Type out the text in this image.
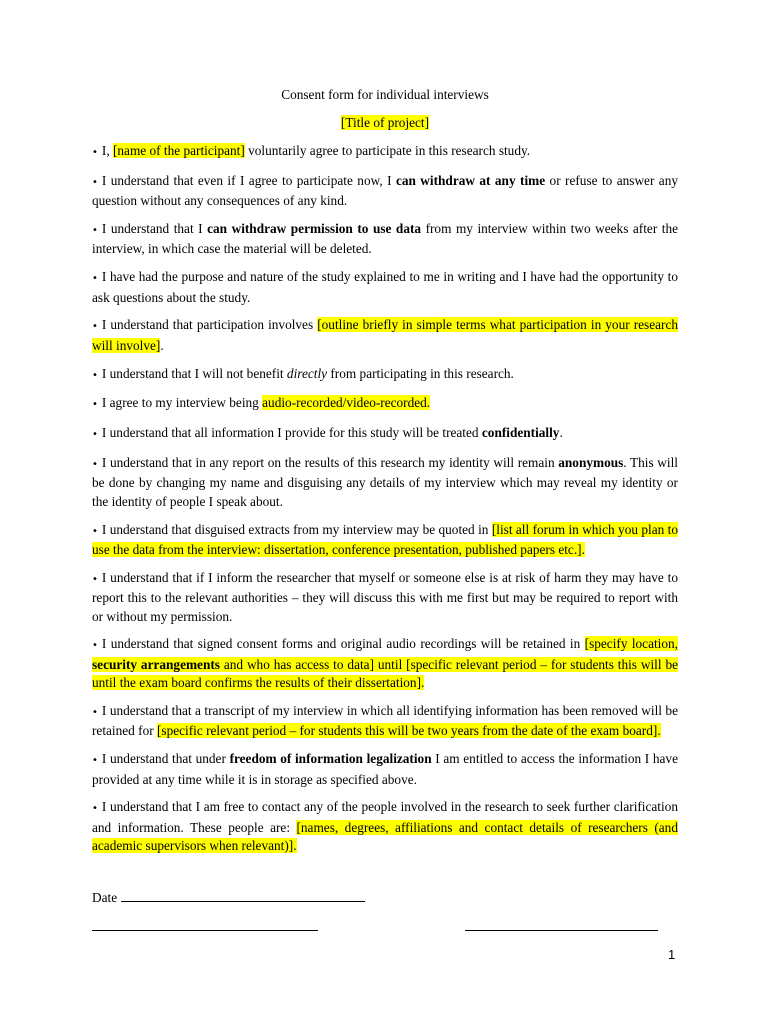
Consent form for individual interviews
[Title of project]
• I, [name of the participant] voluntarily agree to participate in this research study.
• I understand that even if I agree to participate now, I can withdraw at any time or refuse to answer any question without any consequences of any kind.
• I understand that I can withdraw permission to use data from my interview within two weeks after the interview, in which case the material will be deleted.
• I have had the purpose and nature of the study explained to me in writing and I have had the opportunity to ask questions about the study.
• I understand that participation involves [outline briefly in simple terms what participation in your research will involve].
• I understand that I will not benefit directly from participating in this research.
• I agree to my interview being audio-recorded/video-recorded.
• I understand that all information I provide for this study will be treated confidentially.
• I understand that in any report on the results of this research my identity will remain anonymous. This will be done by changing my name and disguising any details of my interview which may reveal my identity or the identity of people I speak about.
• I understand that disguised extracts from my interview may be quoted in [list all forum in which you plan to use the data from the interview: dissertation, conference presentation, published papers etc.].
• I understand that if I inform the researcher that myself or someone else is at risk of harm they may have to report this to the relevant authorities – they will discuss this with me first but may be required to report with or without my permission.
• I understand that signed consent forms and original audio recordings will be retained in [specify location, security arrangements and who has access to data] until [specific relevant period – for students this will be until the exam board confirms the results of their dissertation].
• I understand that a transcript of my interview in which all identifying information has been removed will be retained for [specific relevant period – for students this will be two years from the date of the exam board].
• I understand that under freedom of information legalization I am entitled to access the information I have provided at any time while it is in storage as specified above.
• I understand that I am free to contact any of the people involved in the research to seek further clarification and information. These people are: [names, degrees, affiliations and contact details of researchers (and academic supervisors when relevant)].
Date
1
